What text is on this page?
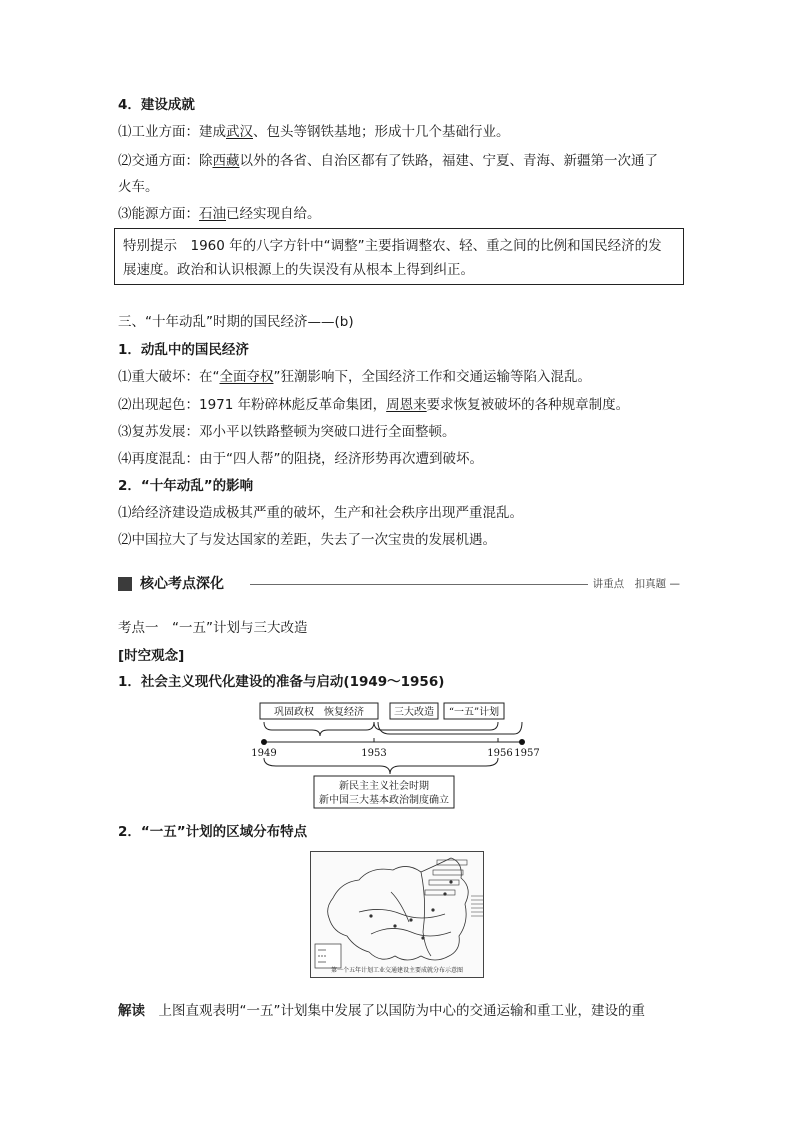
4．建设成就
⑴工业方面：建成武汉、包头等钢铁基地；形成十几个基础行业。
⑵交通方面：除西藏以外的各省、自治区都有了铁路，福建、宁夏、青海、新疆第一次通了
火车。
⑶能源方面：石油已经实现自给。
特别提示　1960 年的八字方针中“调整”主要指调整农、轻、重之间的比例和国民经济的发
展速度。政治和认识根源上的失误没有从根本上得到纠正。
三、“十年动乱”时期的国民经济——(b)
1．动乱中的国民经济
⑴重大破坏：在“全面夺权”狂潮影响下，全国经济工作和交通运输等陷入混乱。
⑵出现起色：1971 年粉碎林彪反革命集团，周恩来要求恢复被破坏的各种规章制度。
⑶复苏发展：邓小平以铁路整顿为突破口进行全面整顿。
⑷再度混乱：由于“四人帮”的阻挠，经济形势再次遭到破坏。
2．“十年动乱”的影响
⑴给经济建设造成极其严重的破坏，生产和社会秩序出现严重混乱。
⑵中国拉大了与发达国家的差距，失去了一次宝贵的发展机遇。
核心考点深化	讲重点　扣真题 —
考点一　“一五”计划与三大改造
[时空观念]
1．社会主义现代化建设的准备与启动(1949～1956)
巩固政权　恢复经济	三大改造 “一五”计划
1949	1953	1956 1957
新民主主义社会时期
新中国三大基本政治制度确立
2．“一五”计划的区域分布特点
第一个五年计划工业交通建设主要成就分布示意图
解读　上图直观表明“一五”计划集中发展了以国防为中心的交通运输和重工业，建设的重
